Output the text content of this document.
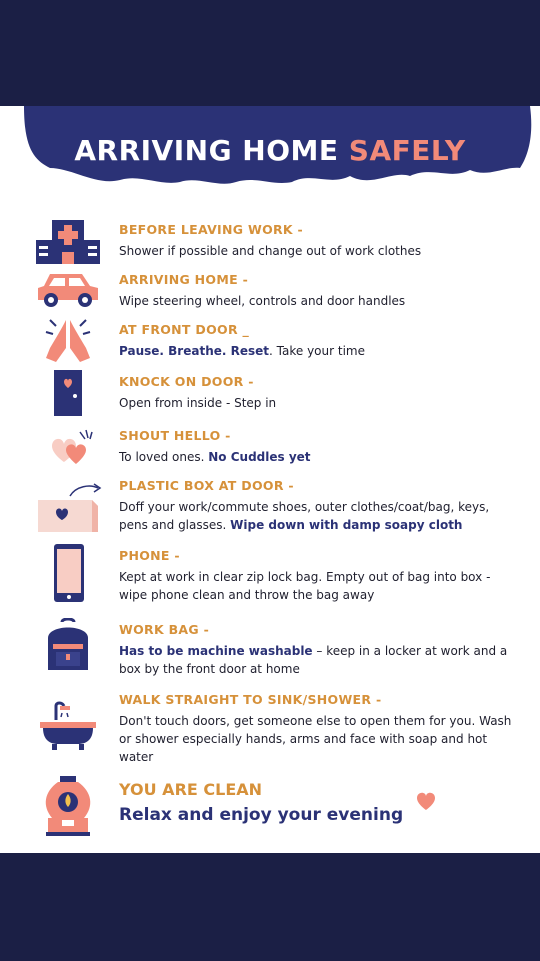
ARRIVING HOME SAFELY
BEFORE LEAVING WORK -
Shower if possible and change out of work clothes
ARRIVING HOME -
Wipe steering wheel, controls and door handles
AT FRONT DOOR _
Pause. Breathe. Reset. Take your time
KNOCK ON DOOR -
Open from inside - Step in
SHOUT HELLO -
To loved ones. No Cuddles yet
PLASTIC BOX AT DOOR -
Doff your work/commute shoes, outer clothes/coat/bag, keys, pens and glasses. Wipe down with damp soapy cloth
PHONE -
Kept at work in clear zip lock bag. Empty out of bag into box - wipe phone clean and throw the bag away
WORK BAG -
Has to be machine washable – keep in a locker at work and a box by the front door at home
WALK STRAIGHT TO SINK/SHOWER -
Don't touch doors, get someone else to open them for you. Wash or shower especially hands, arms and face with soap and hot water
YOU ARE CLEAN
Relax and enjoy your evening
